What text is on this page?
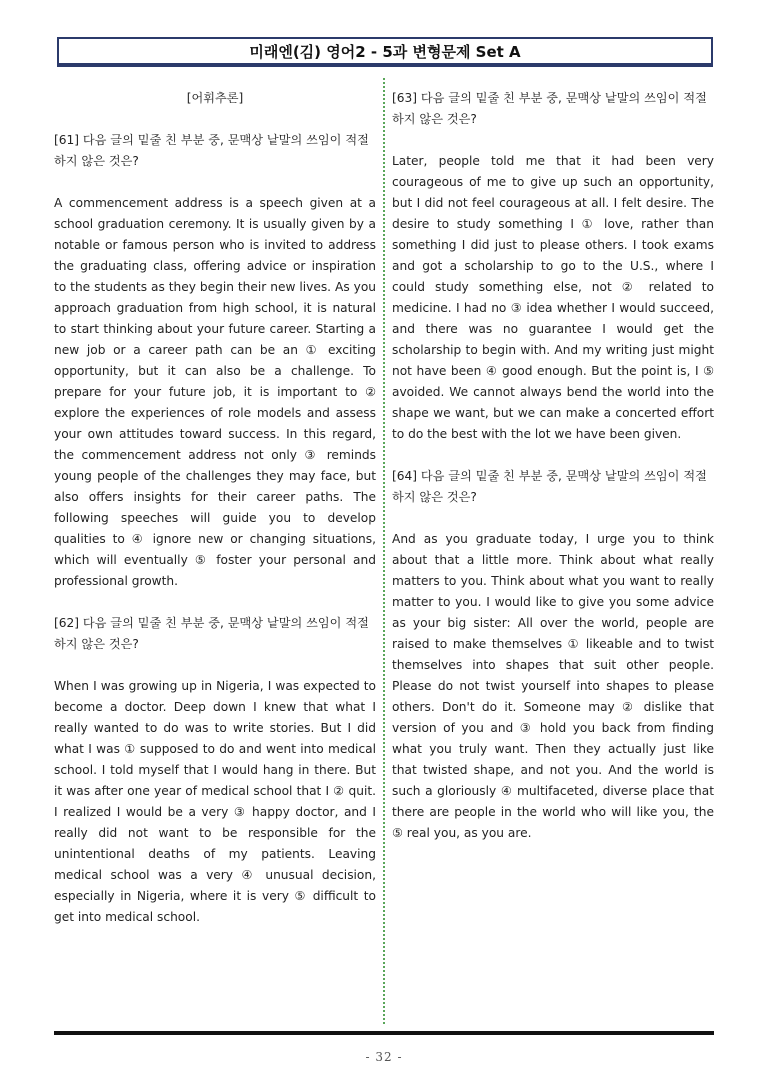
미래엔(김) 영어2 - 5과 변형문제 Set A

[어휘추론]

[61] 다음 글의 밑줄 친 부분 중, 문맥상 낱말의 쓰임이 적절하지 않은 것은?

A commencement address is a speech given at a school graduation ceremony. It is usually given by a notable or famous person who is invited to address the graduating class, offering advice or inspiration to the students as they begin their new lives. As you approach graduation from high school, it is natural to start thinking about your future career. Starting a new job or a career path can be an ① exciting opportunity, but it can also be a challenge. To prepare for your future job, it is important to ② explore the experiences of role models and assess your own attitudes toward success. In this regard, the commencement address not only ③ reminds young people of the challenges they may face, but also offers insights for their career paths. The following speeches will guide you to develop qualities to ④ ignore new or changing situations, which will eventually ⑤ foster your personal and professional growth.

[62] 다음 글의 밑줄 친 부분 중, 문맥상 낱말의 쓰임이 적절하지 않은 것은?

When I was growing up in Nigeria, I was expected to become a doctor. Deep down I knew that what I really wanted to do was to write stories. But I did what I was ① supposed to do and went into medical school. I told myself that I would hang in there. But it was after one year of medical school that I ② quit. I realized I would be a very ③ happy doctor, and I really did not want to be responsible for the unintentional deaths of my patients. Leaving medical school was a very ④ unusual decision, especially in Nigeria, where it is very ⑤ difficult to get into medical school.

[63] 다음 글의 밑줄 친 부분 중, 문맥상 낱말의 쓰임이 적절하지 않은 것은?

Later, people told me that it had been very courageous of me to give up such an opportunity, but I did not feel courageous at all. I felt desire. The desire to study something I ① love, rather than something I did just to please others. I took exams and got a scholarship to go to the U.S., where I could study something else, not ② related to medicine. I had no ③ idea whether I would succeed, and there was no guarantee I would get the scholarship to begin with. And my writing just might not have been ④ good enough. But the point is, I ⑤ avoided. We cannot always bend the world into the shape we want, but we can make a concerted effort to do the best with the lot we have been given.

[64] 다음 글의 밑줄 친 부분 중, 문맥상 낱말의 쓰임이 적절하지 않은 것은?

And as you graduate today, I urge you to think about that a little more. Think about what really matters to you. Think about what you want to really matter to you. I would like to give you some advice as your big sister: All over the world, people are raised to make themselves ① likeable and to twist themselves into shapes that suit other people. Please do not twist yourself into shapes to please others. Don't do it. Someone may ② dislike that version of you and ③ hold you back from finding what you truly want. Then they actually just like that twisted shape, and not you. And the world is such a gloriously ④ multifaceted, diverse place that there are people in the world who will like you, the ⑤ real you, as you are.

- 32 -
